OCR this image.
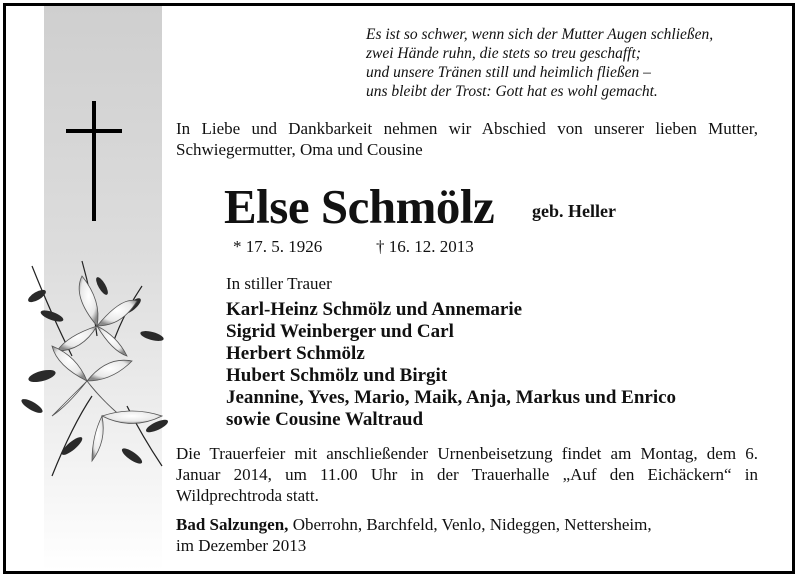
Es ist so schwer, wenn sich der Mutter Augen schließen,
zwei Hände ruhn, die stets so treu geschafft;
und unsere Tränen still und heimlich fließen –
uns bleibt der Trost: Gott hat es wohl gemacht.
In Liebe und Dankbarkeit nehmen wir Abschied von unserer lieben Mutter, Schwiegermutter, Oma und Cousine
Else Schmölz geb. Heller
* 17. 5. 1926	† 16. 12. 2013
In stiller Trauer
Karl-Heinz Schmölz und Annemarie
Sigrid Weinberger und Carl
Herbert Schmölz
Hubert Schmölz und Birgit
Jeannine, Yves, Mario, Maik, Anja, Markus und Enrico
sowie Cousine Waltraud
Die Trauerfeier mit anschließender Urnenbeisetzung findet am Montag, dem 6. Januar 2014, um 11.00 Uhr in der Trauerhalle „Auf den Eichäckern“ in Wildprechtroda statt.
Bad Salzungen, Oberrohn, Barchfeld, Venlo, Nideggen, Nettersheim,
im Dezember 2013
